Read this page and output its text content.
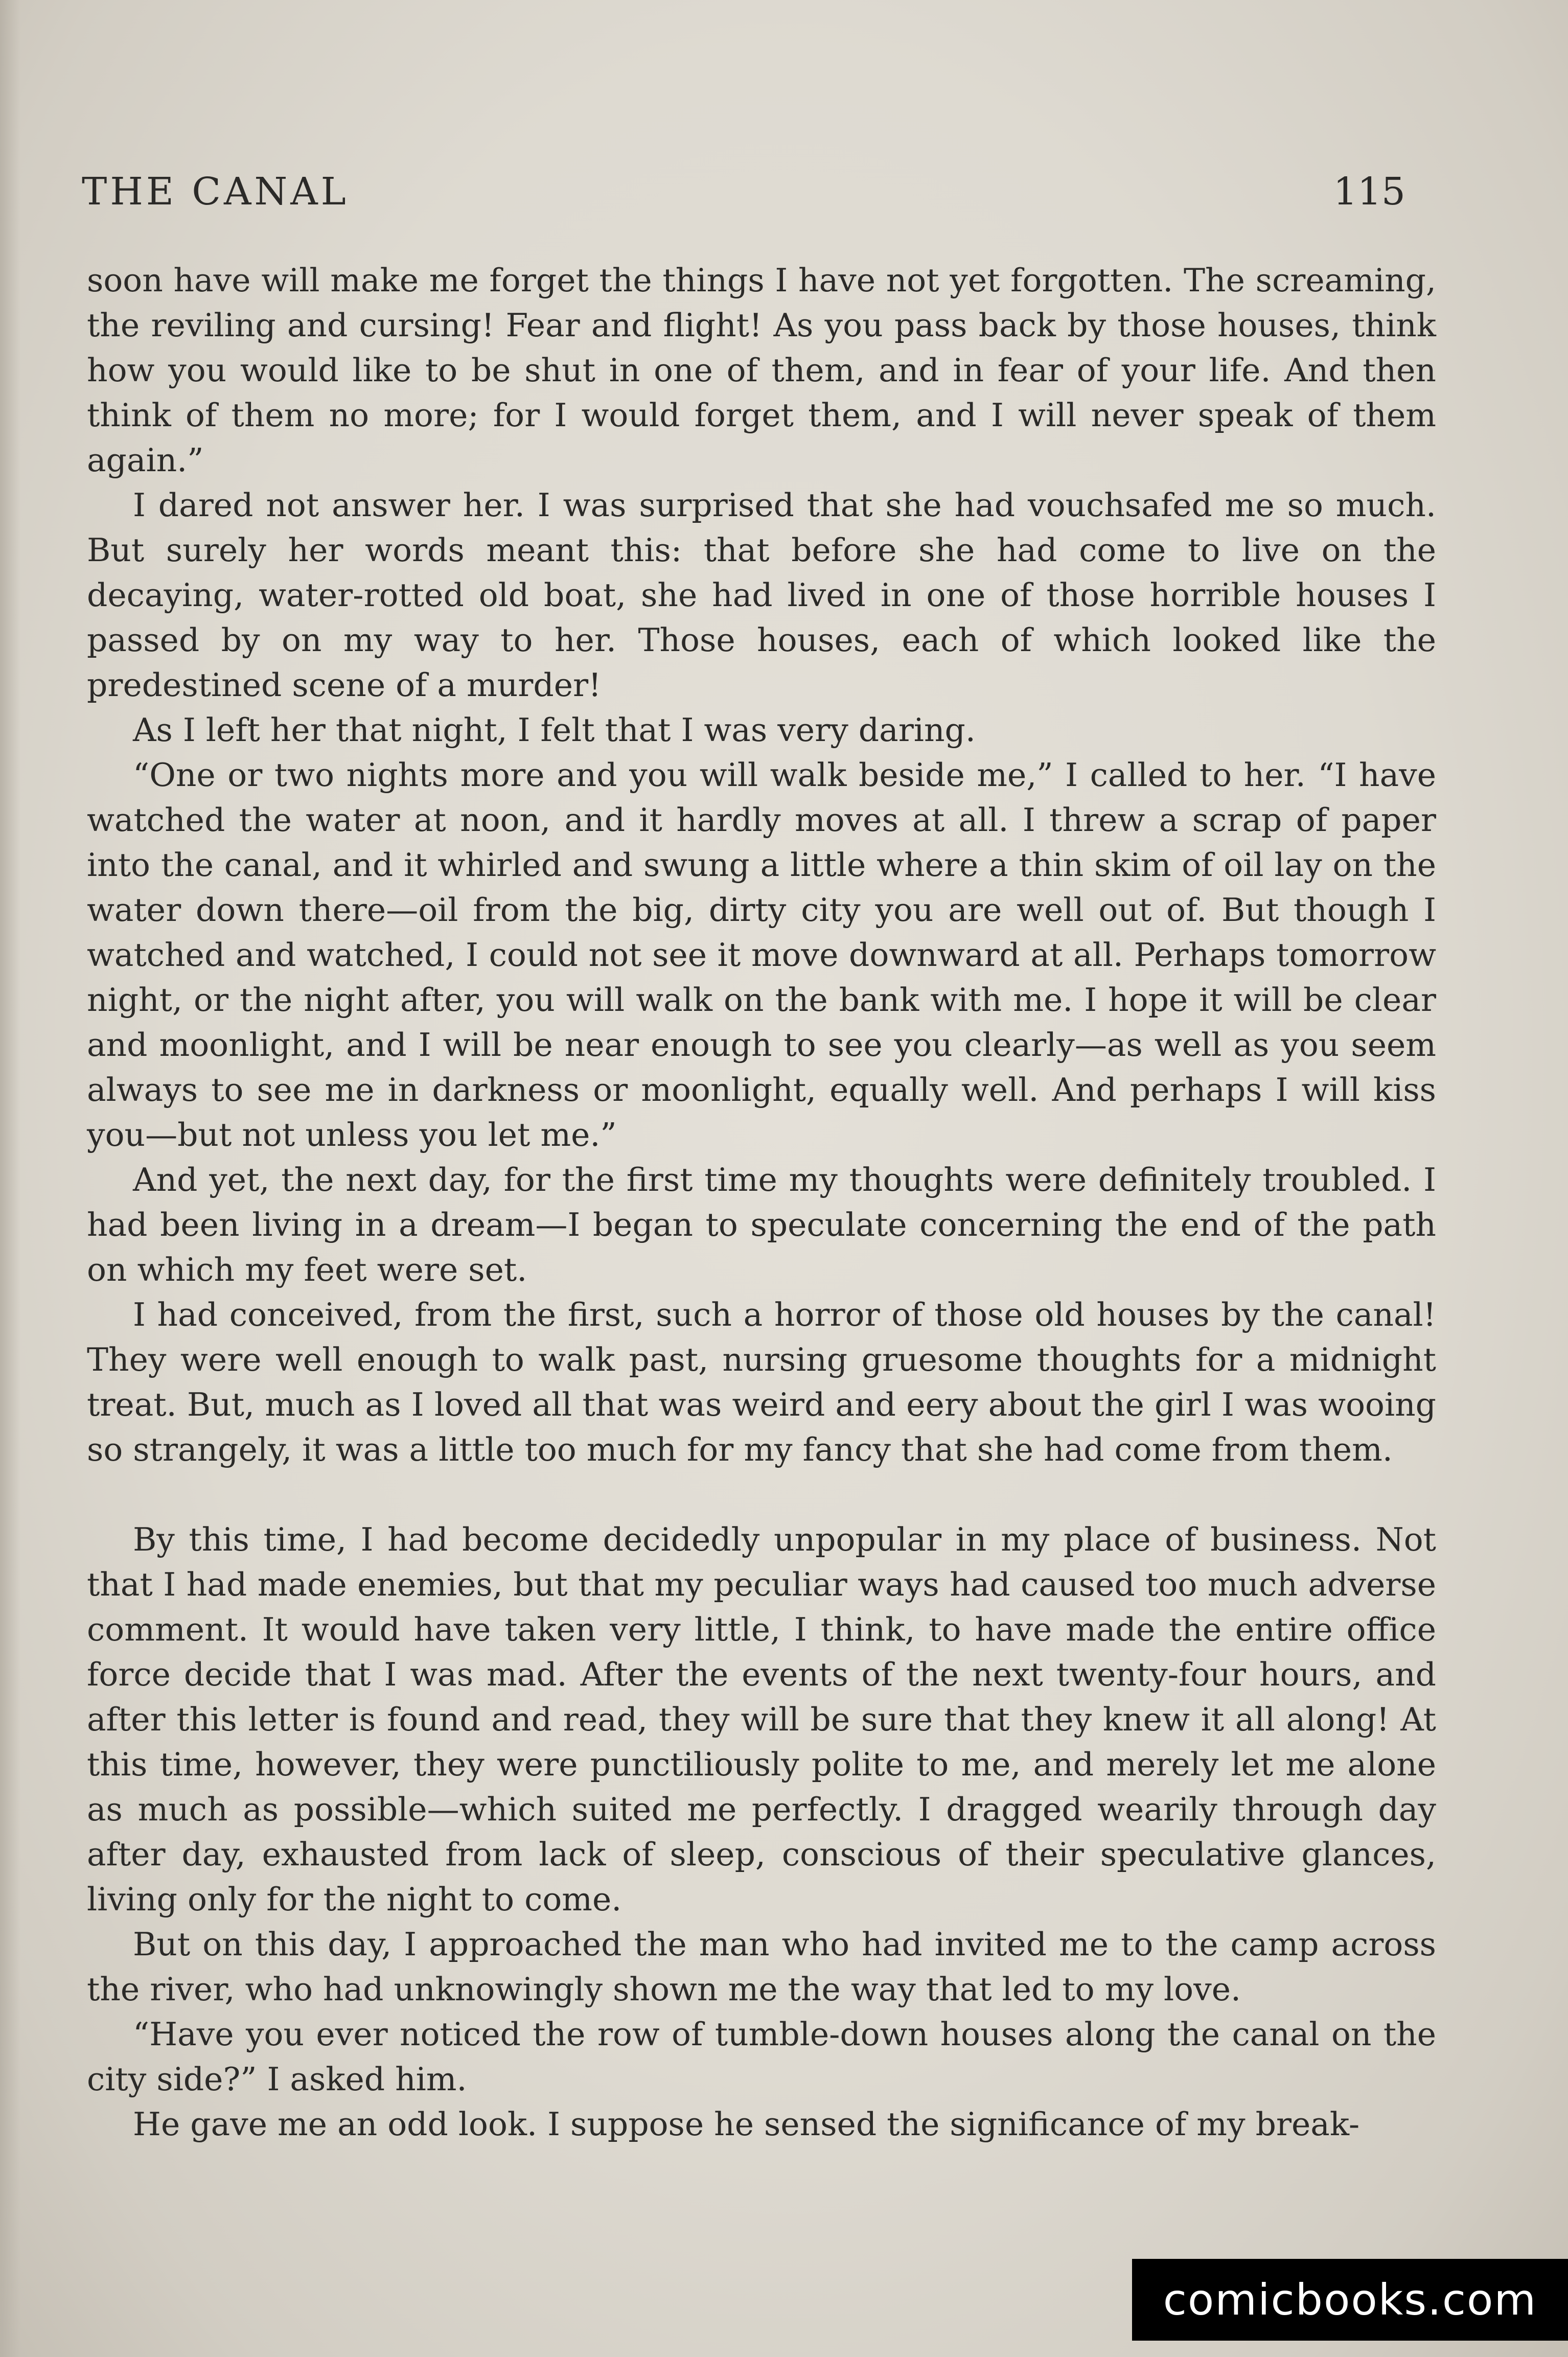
THE CANAL	115

soon have will make me forget the things I have not yet forgotten. The screaming, the reviling and cursing! Fear and flight! As you pass back by those houses, think how you would like to be shut in one of them, and in fear of your life. And then think of them no more; for I would forget them, and I will never speak of them again.”

I dared not answer her. I was surprised that she had vouchsafed me so much. But surely her words meant this: that before she had come to live on the decaying, water-rotted old boat, she had lived in one of those horrible houses I passed by on my way to her. Those houses, each of which looked like the predestined scene of a murder!

As I left her that night, I felt that I was very daring.

“One or two nights more and you will walk beside me,” I called to her. “I have watched the water at noon, and it hardly moves at all. I threw a scrap of paper into the canal, and it whirled and swung a little where a thin skim of oil lay on the water down there—oil from the big, dirty city you are well out of. But though I watched and watched, I could not see it move downward at all. Perhaps tomorrow night, or the night after, you will walk on the bank with me. I hope it will be clear and moonlight, and I will be near enough to see you clearly—as well as you seem always to see me in darkness or moonlight, equally well. And perhaps I will kiss you—but not unless you let me.”

And yet, the next day, for the first time my thoughts were definitely troubled. I had been living in a dream—I began to speculate concerning the end of the path on which my feet were set.

I had conceived, from the first, such a horror of those old houses by the canal! They were well enough to walk past, nursing gruesome thoughts for a midnight treat. But, much as I loved all that was weird and eery about the girl I was wooing so strangely, it was a little too much for my fancy that she had come from them.

By this time, I had become decidedly unpopular in my place of business. Not that I had made enemies, but that my peculiar ways had caused too much adverse comment. It would have taken very little, I think, to have made the entire office force decide that I was mad. After the events of the next twenty-four hours, and after this letter is found and read, they will be sure that they knew it all along! At this time, however, they were punctiliously polite to me, and merely let me alone as much as possible—which suited me perfectly. I dragged wearily through day after day, exhausted from lack of sleep, conscious of their speculative glances, living only for the night to come.

But on this day, I approached the man who had invited me to the camp across the river, who had unknowingly shown me the way that led to my love.

“Have you ever noticed the row of tumble-down houses along the canal on the city side?” I asked him.

He gave me an odd look. I suppose he sensed the significance of my break-

comicbooks.com
